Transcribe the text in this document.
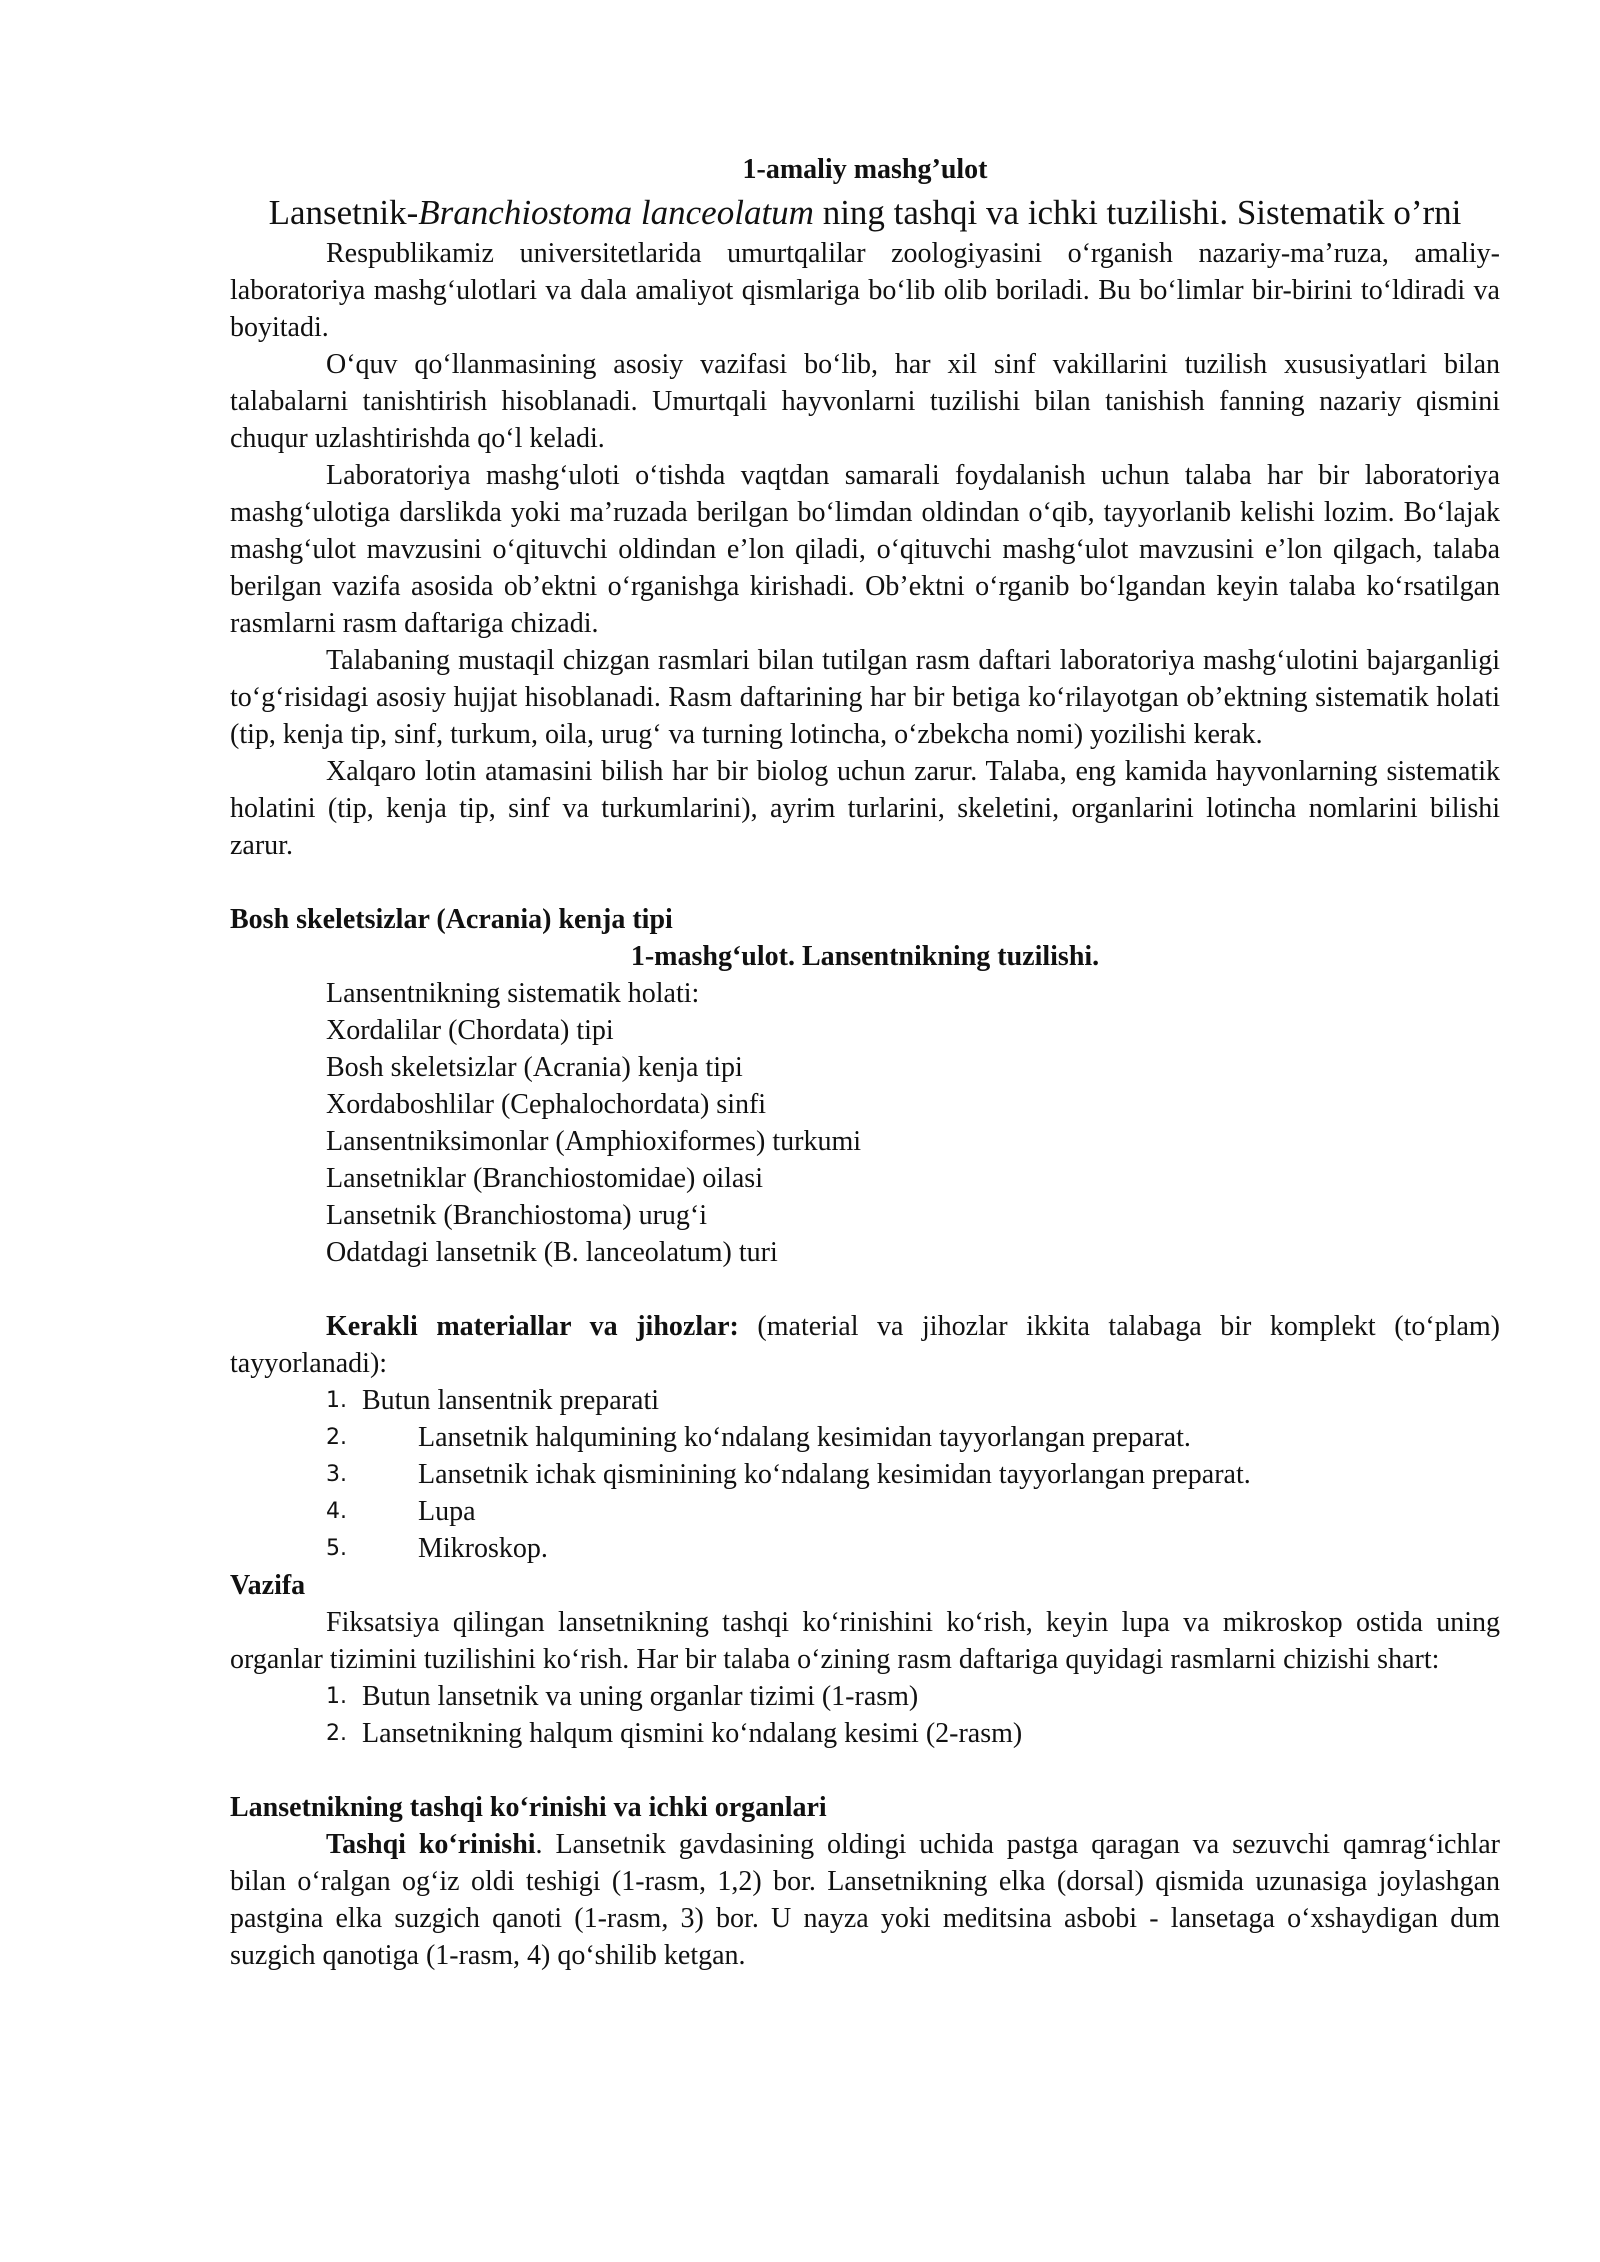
1-amaliy mashg’ulot

Lansetnik-Branchiostoma lanceolatum ning tashqi va ichki tuzilishi. Sistematik o’rni

Respublikamiz universitetlarida umurtqalilar zoologiyasini o‘rganish nazariy-ma’ruza, amaliy-laboratoriya mashg‘ulotlari va dala amaliyot qismlariga bo‘lib olib boriladi. Bu bo‘limlar bir-birini to‘ldiradi va boyitadi.

O‘quv qo‘llanmasining asosiy vazifasi bo‘lib, har xil sinf vakillarini tuzilish xususiyatlari bilan talabalarni tanishtirish hisoblanadi. Umurtqali hayvonlarni tuzilishi bilan tanishish fanning nazariy qismini chuqur uzlashtirishda qo‘l keladi.

Laboratoriya mashg‘uloti o‘tishda vaqtdan samarali foydalanish uchun talaba har bir laboratoriya mashg‘ulotiga darslikda yoki ma’ruzada berilgan bo‘limdan oldindan o‘qib, tayyorlanib kelishi lozim. Bo‘lajak mashg‘ulot mavzusini o‘qituvchi oldindan e’lon qiladi, o‘qituvchi mashg‘ulot mavzusini e’lon qilgach, talaba berilgan vazifa asosida ob’ektni o‘rganishga kirishadi. Ob’ektni o‘rganib bo‘lgandan keyin talaba ko‘rsatilgan rasmlarni rasm daftariga chizadi.

Talabaning mustaqil chizgan rasmlari bilan tutilgan rasm daftari laboratoriya mashg‘ulotini bajarganligi to‘g‘risidagi asosiy hujjat hisoblanadi. Rasm daftarining har bir betiga ko‘rilayotgan ob’ektning sistematik holati (tip, kenja tip, sinf, turkum, oila, urug‘ va turning lotincha, o‘zbekcha nomi) yozilishi kerak.

Xalqaro lotin atamasini bilish har bir biolog uchun zarur. Talaba, eng kamida hayvonlarning sistematik holatini (tip, kenja tip, sinf va turkumlarini), ayrim turlarini, skeletini, organlarini lotincha nomlarini bilishi zarur.

Bosh skeletsizlar (Acrania) kenja tipi

1-mashg‘ulot. Lansentnikning tuzilishi.

Lansentnikning sistematik holati:

Xordalilar (Chordata) tipi

Bosh skeletsizlar (Acrania) kenja tipi

Xordaboshlilar (Cephalochordata) sinfi

Lansentniksimonlar (Amphioxiformes) turkumi

Lansetniklar (Branchiostomidae) oilasi

Lansetnik (Branchiostoma) urug‘i

Odatdagi lansetnik (B. lanceolatum) turi

Kerakli materiallar va jihozlar: (material va jihozlar ikkita talabaga bir komplekt (to‘plam) tayyorlanadi):

1. Butun lansentnik preparati
2.	Lansetnik halqumining ko‘ndalang kesimidan tayyorlangan preparat.
3.	Lansetnik ichak qisminining ko‘ndalang kesimidan tayyorlangan preparat.
4.	Lupa
5.	Mikroskop.

Vazifa

Fiksatsiya qilingan lansetnikning tashqi ko‘rinishini ko‘rish, keyin lupa va mikroskop ostida uning organlar tizimini tuzilishini ko‘rish. Har bir talaba o‘zining rasm daftariga quyidagi rasmlarni chizishi shart:

1. Butun lansetnik va uning organlar tizimi (1-rasm)
2. Lansetnikning halqum qismini ko‘ndalang kesimi (2-rasm)

Lansetnikning tashqi ko‘rinishi va ichki organlari

Tashqi ko‘rinishi. Lansetnik gavdasining oldingi uchida pastga qaragan va sezuvchi qamrag‘ichlar bilan o‘ralgan og‘iz oldi teshigi (1-rasm, 1,2) bor. Lansetnikning elka (dorsal) qismida uzunasiga joylashgan pastgina elka suzgich qanoti (1-rasm, 3) bor. U nayza yoki meditsina asbobi - lansetaga o‘xshaydigan dum suzgich qanotiga (1-rasm, 4) qo‘shilib ketgan.
